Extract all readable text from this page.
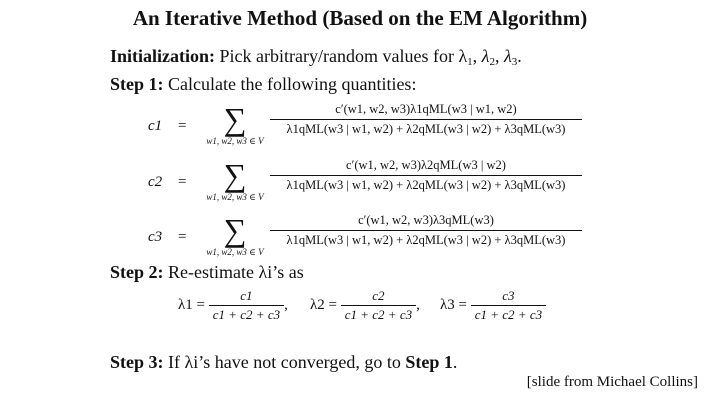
An Iterative Method (Based on the EM Algorithm)
Initialization: Pick arbitrary/random values for $\lambda_1$, $\lambda_2$, $\lambda_3$.
Step 1: Calculate the following quantities:
c1 =	∑
w1, w2, w3 ∈ V
c′(w1, w2, w3)λ1qML(w3 | w1, w2)
λ1qML(w3 | w1, w2) + λ2qML(w3 | w2) + λ3qML(w3)
c2 =	∑
w1, w2, w3 ∈ V
c′(w1, w2, w3)λ2qML(w3 | w2)
λ1qML(w3 | w1, w2) + λ2qML(w3 | w2) + λ3qML(w3)
c3 =	∑
w1, w2, w3 ∈ V
c′(w1, w2, w3)λ3qML(w3)
λ1qML(w3 | w1, w2) + λ2qML(w3 | w2) + λ3qML(w3)
Step 2: Re-estimate λi’s as
$\lambda 1 = \frac{c1}{c1 + c2 + c3}$ , $\lambda 2 = \frac{c2}{c1 + c2 + c3}$ , $\lambda 3 = \frac{c3}{c1 + c2 + c3}$
Step 3: If λi’s have not converged, go to Step 1.
[slide from Michael Collins]
